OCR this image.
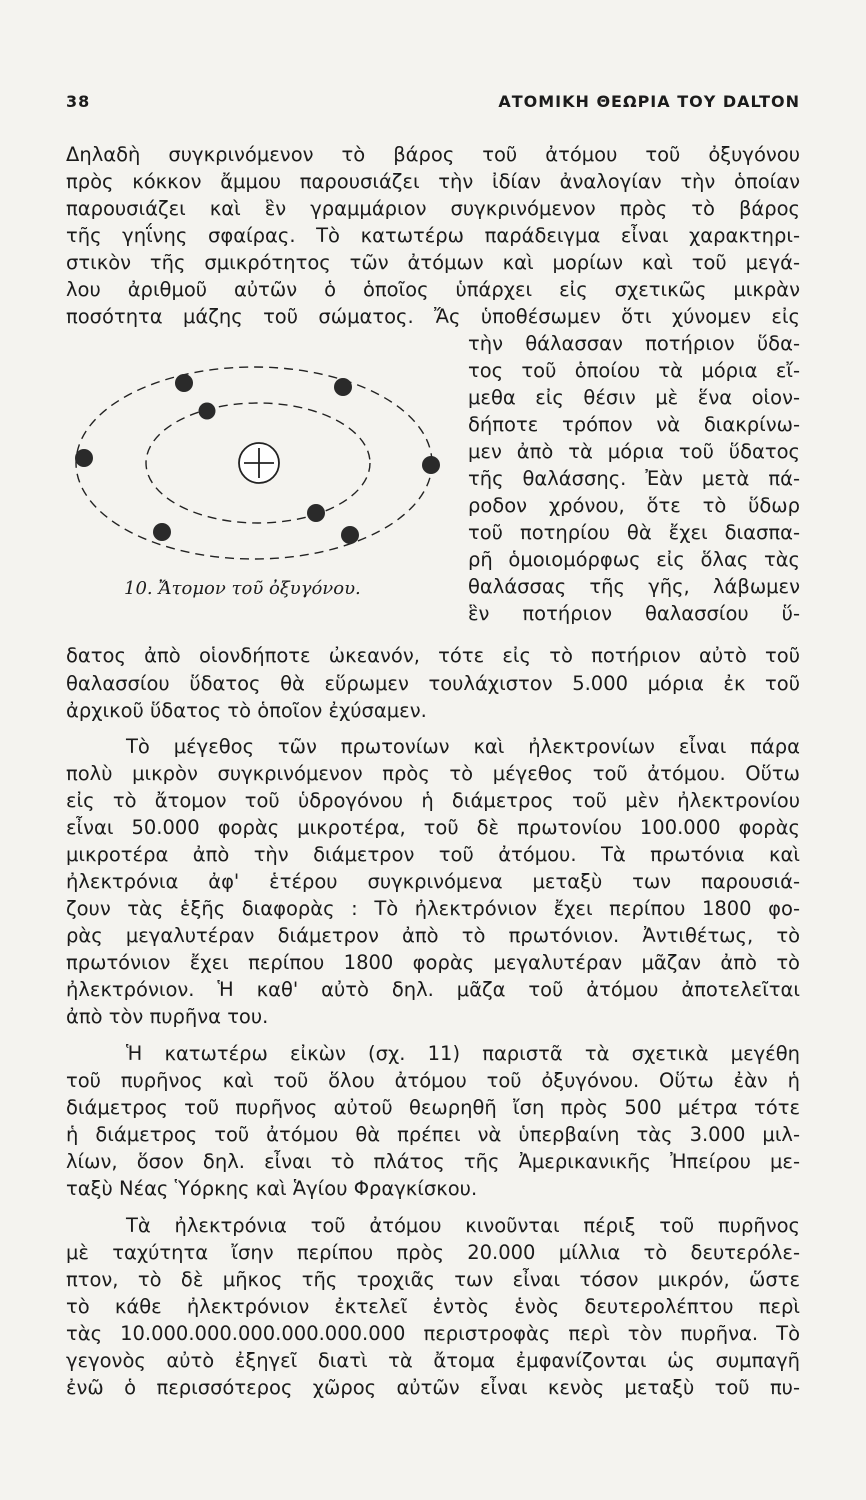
38	ΑΤΟΜΙΚΗ ΘΕΩΡΙΑ ΤΟΥ DALTON
Δηλαδὴ συγκρινόμενον τὸ βάρος τοῦ ἀτόμου τοῦ ὀξυγόνου
πρὸς κόκκον ἄμμου παρουσιάζει τὴν ἰδίαν ἀναλογίαν τὴν ὁποίαν
παρουσιάζει καὶ ἓν γραμμάριον συγκρινόμενον πρὸς τὸ βάρος
τῆς γηΐνης σφαίρας. Τὸ κατωτέρω παράδειγμα εἶναι χαρακτηρι-
στικὸν τῆς σμικρότητος τῶν ἀτόμων καὶ μορίων καὶ τοῦ μεγά-
λου ἀριθμοῦ αὐτῶν ὁ ὁποῖος ὑπάρχει εἰς σχετικῶς μικρὰν
ποσότητα μάζης τοῦ σώματος. Ἄς ὑποθέσωμεν ὅτι χύνομεν εἰς
τὴν θάλασσαν ποτήριον ὕδα-
τος τοῦ ὁποίου τὰ μόρια εἴ-
μεθα εἰς θέσιν μὲ ἕνα οἱον-
δήποτε τρόπον νὰ διακρίνω-
μεν ἀπὸ τὰ μόρια τοῦ ὕδατος
τῆς θαλάσσης. Ἐὰν μετὰ πά-
ροδον χρόνου, ὅτε τὸ ὕδωρ
τοῦ ποτηρίου θὰ ἔχει διασπα-
ρῆ ὁμοιομόρφως εἰς ὅλας τὰς
θαλάσσας τῆς γῆς, λάβωμεν
ἓν ποτήριον θαλασσίου ὕ-
10. Ἄτομον τοῦ ὀξυγόνου.
δατος ἀπὸ οἱονδήποτε ὠκεανόν, τότε εἰς τὸ ποτήριον αὐτὸ τοῦ
θαλασσίου ὕδατος θὰ εὕρωμεν τουλάχιστον 5.000 μόρια ἐκ τοῦ
ἀρχικοῦ ὕδατος τὸ ὁποῖον ἐχύσαμεν.
Τὸ μέγεθος τῶν πρωτονίων καὶ ἠλεκτρονίων εἶναι πάρα
πολὺ μικρὸν συγκρινόμενον πρὸς τὸ μέγεθος τοῦ ἀτόμου. Οὕτω
εἰς τὸ ἄτομον τοῦ ὑδρογόνου ἡ διάμετρος τοῦ μὲν ἠλεκτρονίου
εἶναι 50.000 φορὰς μικροτέρα, τοῦ δὲ πρωτονίου 100.000 φορὰς
μικροτέρα ἀπὸ τὴν διάμετρον τοῦ ἀτόμου. Τὰ πρωτόνια καὶ
ἠλεκτρόνια ἀφ' ἑτέρου συγκρινόμενα μεταξὺ των παρουσιά-
ζουν τὰς ἑξῆς διαφορὰς : Τὸ ἠλεκτρόνιον ἔχει περίπου 1800 φο-
ρὰς μεγαλυτέραν διάμετρον ἀπὸ τὸ πρωτόνιον. Ἀντιθέτως, τὸ
πρωτόνιον ἔχει περίπου 1800 φορὰς μεγαλυτέραν μᾶζαν ἀπὸ τὸ
ἠλεκτρόνιον. Ἡ καθ' αὐτὸ δηλ. μᾶζα τοῦ ἀτόμου ἀποτελεῖται
ἀπὸ τὸν πυρῆνα του.
Ἡ κατωτέρω εἰκὼν (σχ. 11) παριστᾶ τὰ σχετικὰ μεγέθη
τοῦ πυρῆνος καὶ τοῦ ὅλου ἀτόμου τοῦ ὀξυγόνου. Οὕτω ἐὰν ἡ
διάμετρος τοῦ πυρῆνος αὐτοῦ θεωρηθῆ ἴση πρὸς 500 μέτρα τότε
ἡ διάμετρος τοῦ ἀτόμου θὰ πρέπει νὰ ὑπερβαίνη τὰς 3.000 μιλ-
λίων, ὅσον δηλ. εἶναι τὸ πλάτος τῆς Ἀμερικανικῆς Ἠπείρου με-
ταξὺ Νέας Ὑόρκης καὶ Ἁγίου Φραγκίσκου.
Τὰ ἠλεκτρόνια τοῦ ἀτόμου κινοῦνται πέριξ τοῦ πυρῆνος
μὲ ταχύτητα ἴσην περίπου πρὸς 20.000 μίλλια τὸ δευτερόλε-
πτον, τὸ δὲ μῆκος τῆς τροχιᾶς των εἶναι τόσον μικρόν, ὥστε
τὸ κάθε ἠλεκτρόνιον ἐκτελεῖ ἐντὸς ἑνὸς δευτερολέπτου περὶ
τὰς 10.000.000.000.000.000.000 περιστροφὰς περὶ τὸν πυρῆνα. Τὸ
γεγονὸς αὐτὸ ἐξηγεῖ διατὶ τὰ ἄτομα ἐμφανίζονται ὡς συμπαγῆ
ἐνῶ ὁ περισσότερος χῶρος αὐτῶν εἶναι κενὸς μεταξὺ τοῦ πυ-
